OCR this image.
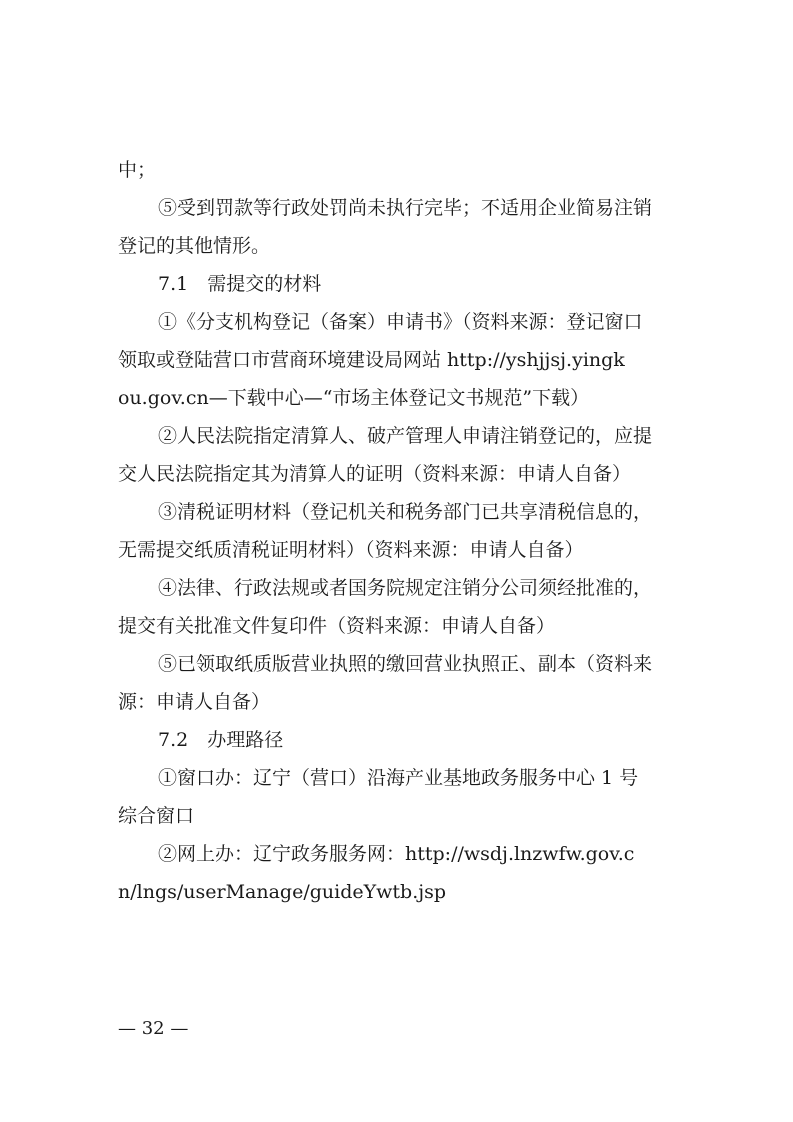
中；
⑤受到罚款等行政处罚尚未执行完毕；不适用企业简易注销
登记的其他情形。
7.1　需提交的材料
①《分支机构登记（备案）申请书》（资料来源：登记窗口
领取或登陆营口市营商环境建设局网站 http://yshjjsj.yingk
ou.gov.cn—下载中心—“市场主体登记文书规范”下载）
②人民法院指定清算人、破产管理人申请注销登记的，应提
交人民法院指定其为清算人的证明（资料来源：申请人自备）
③清税证明材料（登记机关和税务部门已共享清税信息的，
无需提交纸质清税证明材料）（资料来源：申请人自备）
④法律、行政法规或者国务院规定注销分公司须经批准的，
提交有关批准文件复印件（资料来源：申请人自备）
⑤已领取纸质版营业执照的缴回营业执照正、副本（资料来
源：申请人自备）
7.2　办理路径
①窗口办：辽宁（营口）沿海产业基地政务服务中心 1 号
综合窗口
②网上办：辽宁政务服务网：http://wsdj.lnzwfw.gov.c
n/lngs/userManage/guideYwtb.jsp
— 32 —
